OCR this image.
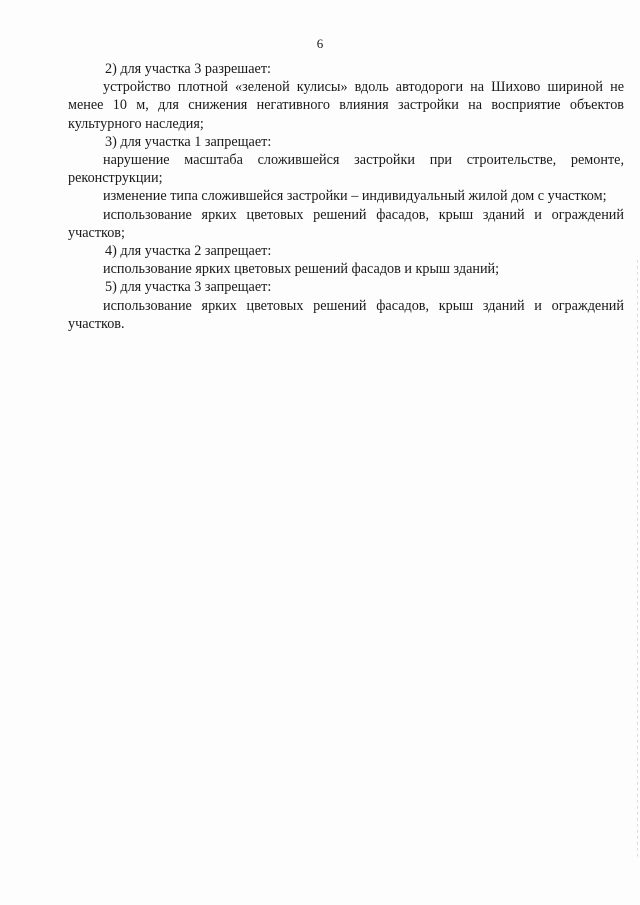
6

2) для участка 3 разрешает:

устройство плотной «зеленой кулисы» вдоль автодороги на Шихово шириной не менее 10 м, для снижения негативного влияния застройки на восприятие объектов культурного наследия;

3) для участка 1 запрещает:

нарушение масштаба сложившейся застройки при строительстве, ремонте, реконструкции;

изменение типа сложившейся застройки – индивидуальный жилой дом с участком;

использование ярких цветовых решений фасадов, крыш зданий и ограждений участков;

4) для участка 2 запрещает:

использование ярких цветовых решений фасадов и крыш зданий;

5) для участка 3 запрещает:

использование ярких цветовых решений фасадов, крыш зданий и ограждений участков.
